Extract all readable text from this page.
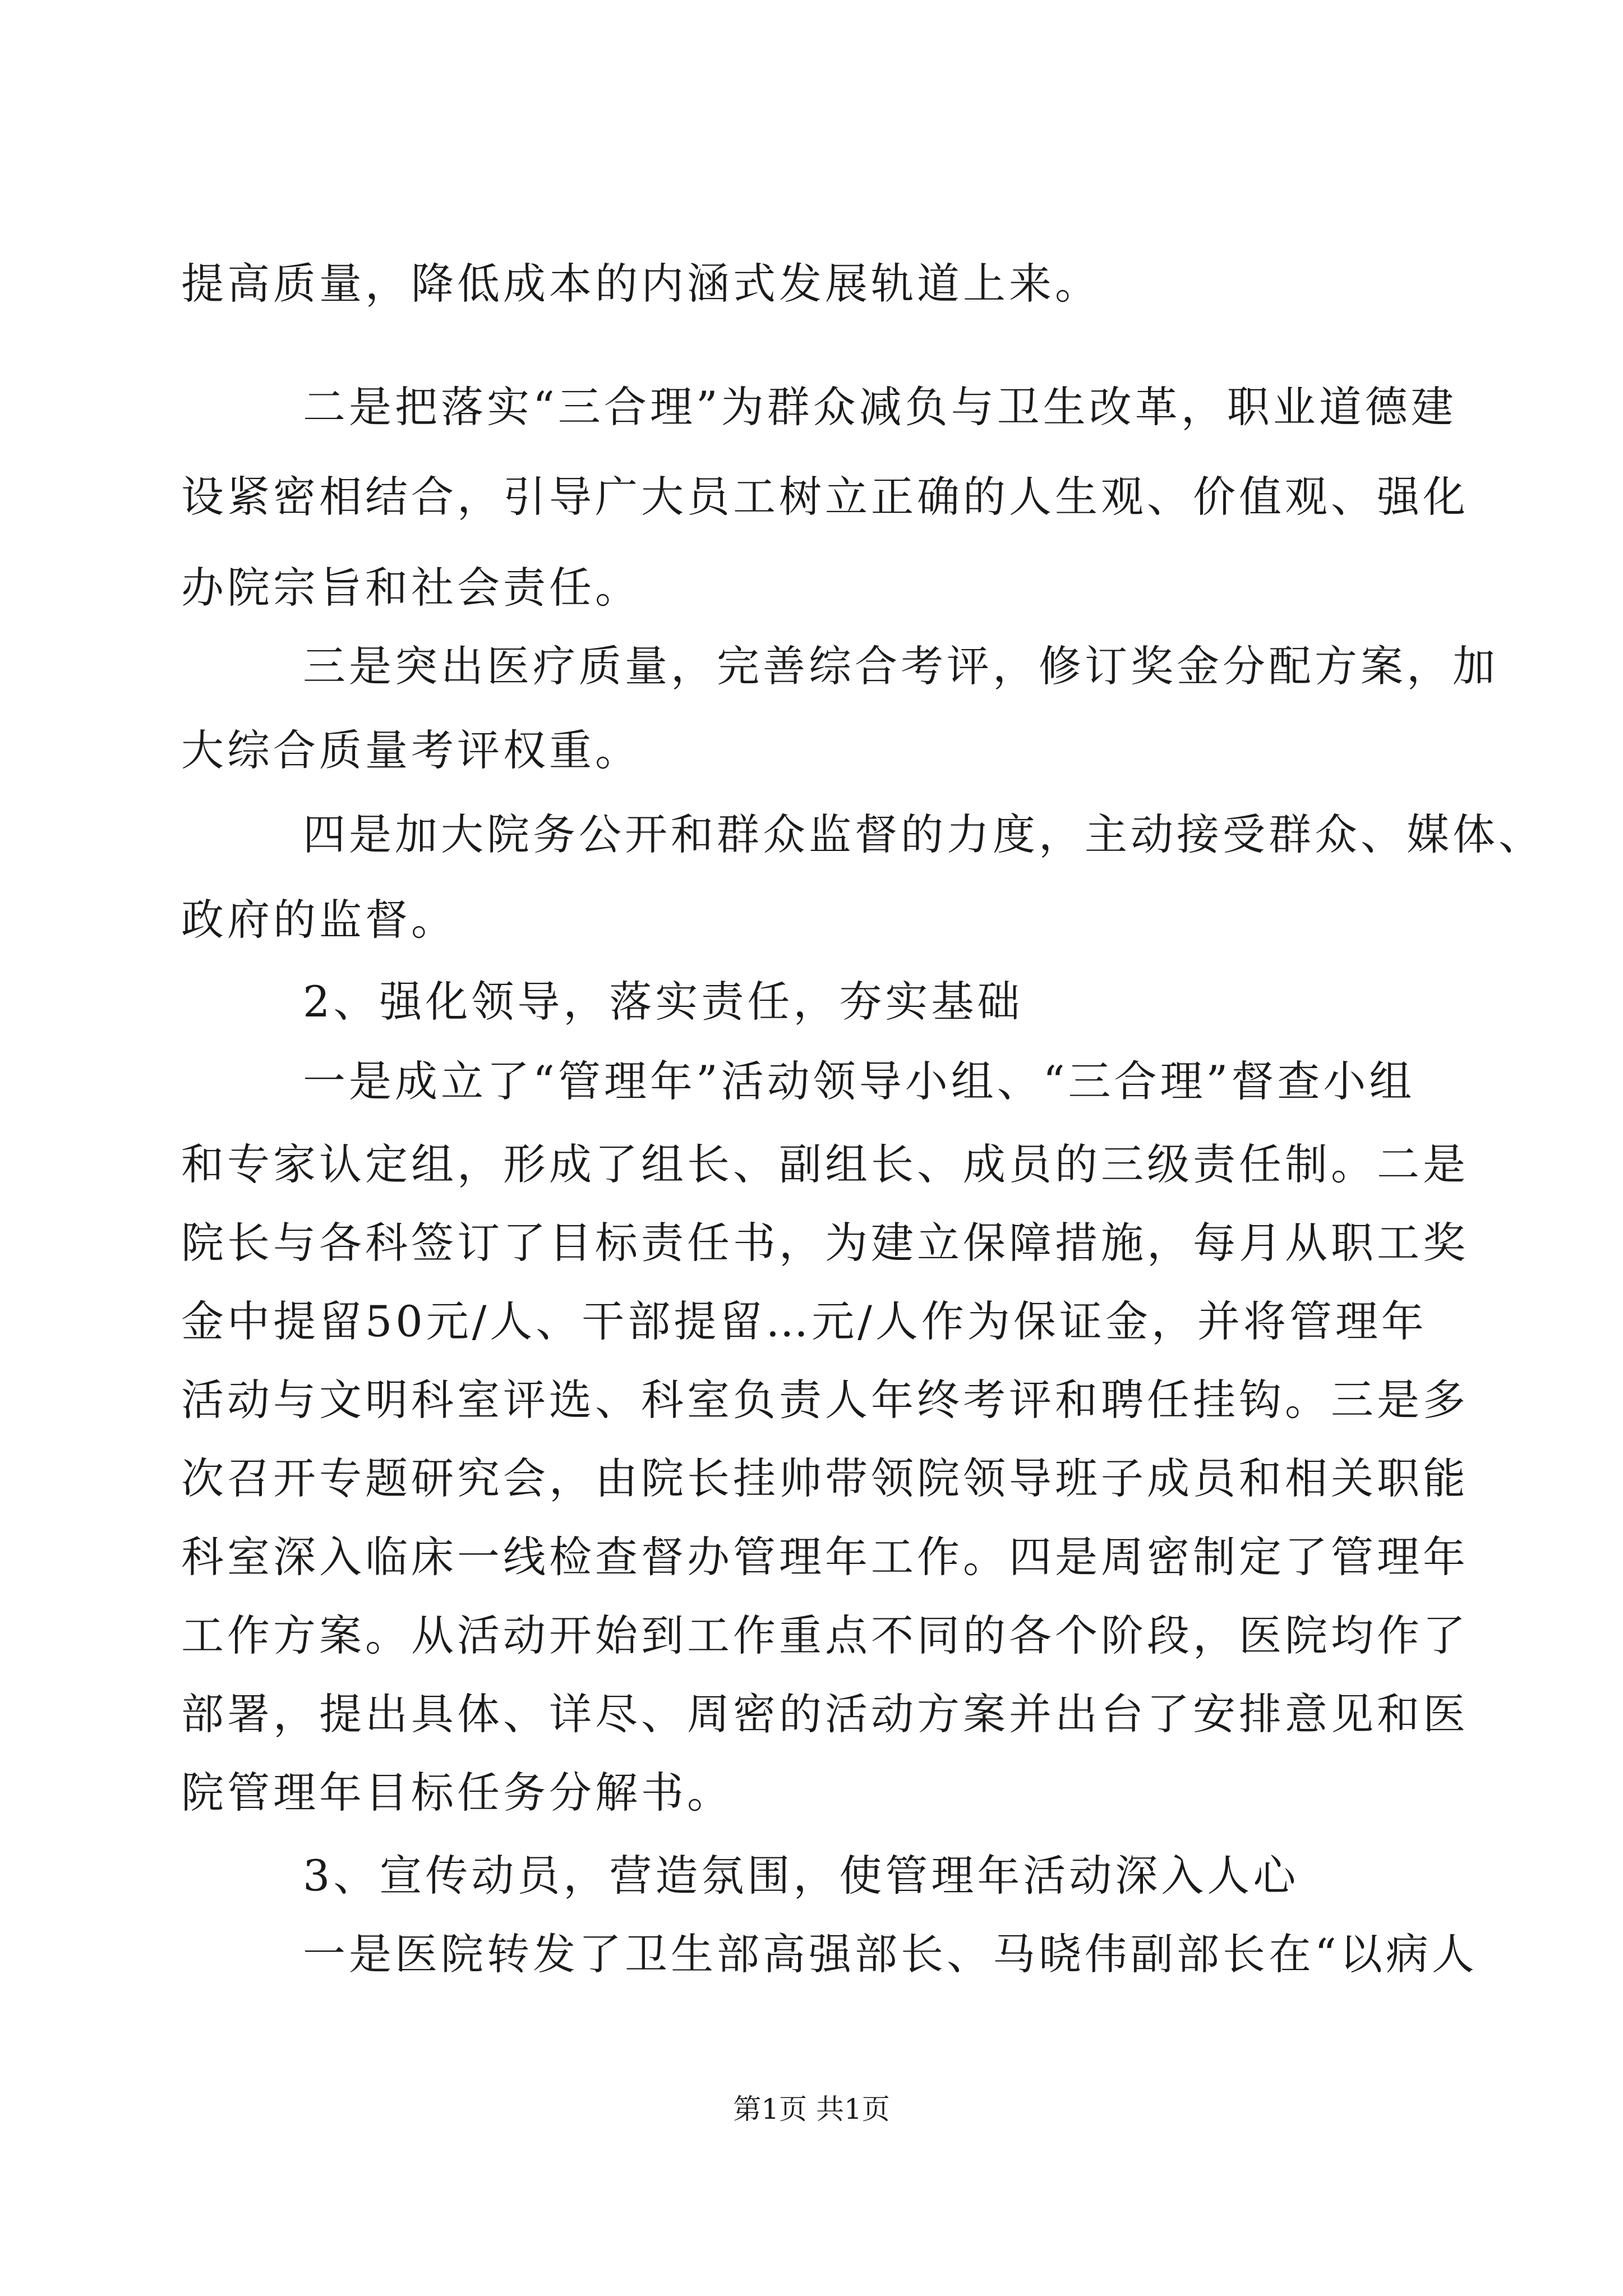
提高质量，降低成本的内涵式发展轨道上来。
二是把落实“三合理”为群众减负与卫生改革，职业道德建
设紧密相结合，引导广大员工树立正确的人生观、价值观、强化
办院宗旨和社会责任。
三是突出医疗质量，完善综合考评，修订奖金分配方案，加
大综合质量考评权重。
四是加大院务公开和群众监督的力度，主动接受群众、媒体、
政府的监督。
2、强化领导，落实责任，夯实基础
一是成立了“管理年”活动领导小组、“三合理”督查小组
和专家认定组，形成了组长、副组长、成员的三级责任制。二是
院长与各科签订了目标责任书，为建立保障措施，每月从职工奖
金中提留50元/人、干部提留…元/人作为保证金，并将管理年
活动与文明科室评选、科室负责人年终考评和聘任挂钩。三是多
次召开专题研究会，由院长挂帅带领院领导班子成员和相关职能
科室深入临床一线检查督办管理年工作。四是周密制定了管理年
工作方案。从活动开始到工作重点不同的各个阶段，医院均作了
部署，提出具体、详尽、周密的活动方案并出台了安排意见和医
院管理年目标任务分解书。
3、宣传动员，营造氛围，使管理年活动深入人心
一是医院转发了卫生部高强部长、马晓伟副部长在“以病人
第1页 共1页
